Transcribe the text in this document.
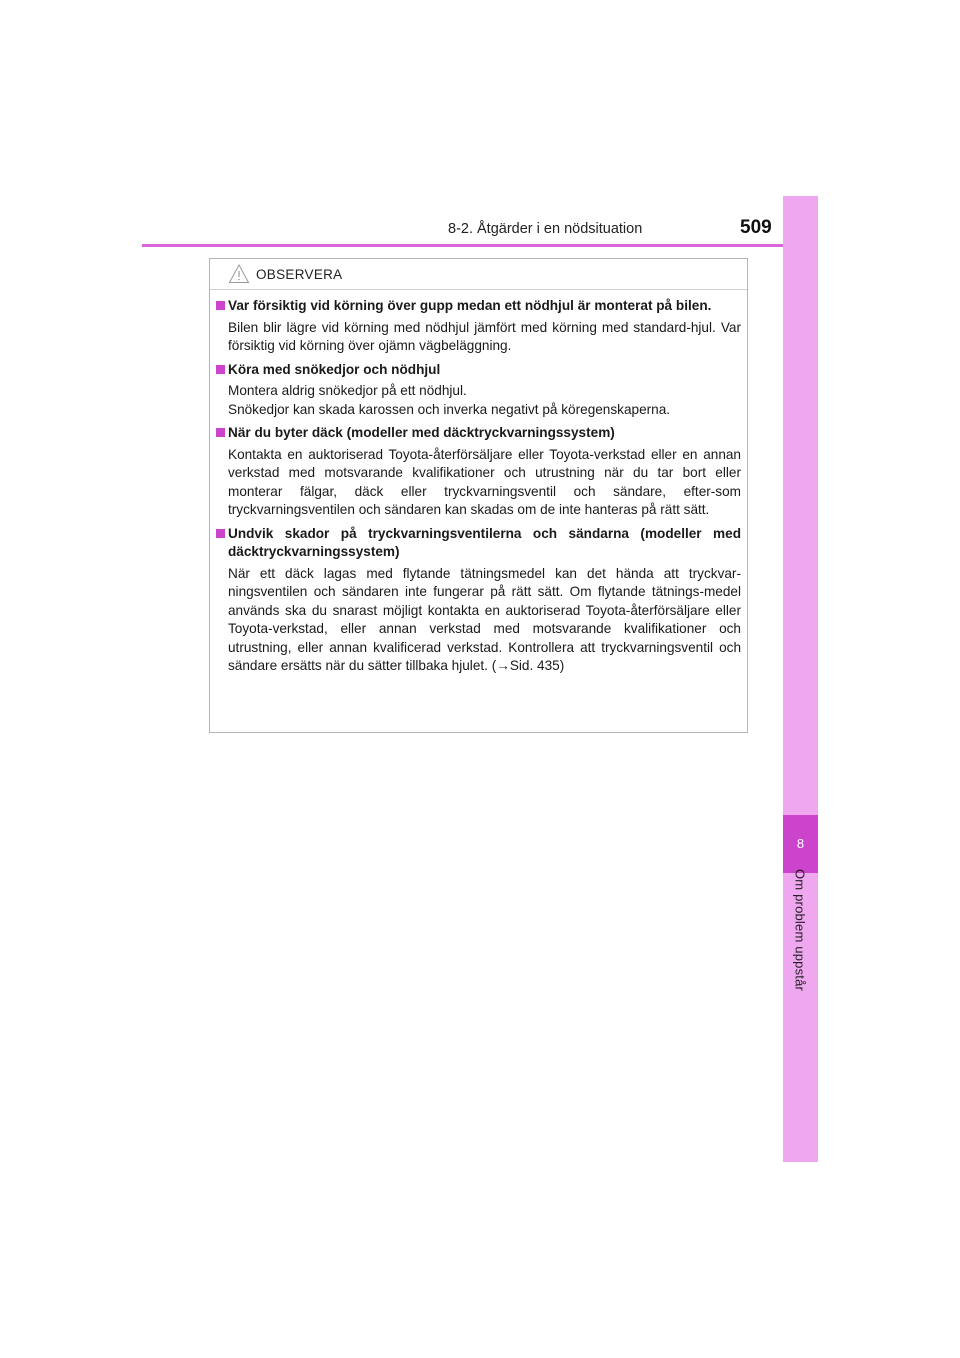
8-2. Åtgärder i en nödsituation	509
8
Om problem uppstår
OBSERVERA
Var försiktig vid körning över gupp medan ett nödhjul är monterat på bilen.

Bilen blir lägre vid körning med nödhjul jämfört med körning med standard-hjul. Var försiktig vid körning över ojämn vägbeläggning.

Köra med snökedjor och nödhjul

Montera aldrig snökedjor på ett nödhjul.

Snökedjor kan skada karossen och inverka negativt på köregenskaperna.

När du byter däck (modeller med däcktryckvarningssystem)

Kontakta en auktoriserad Toyota-återförsäljare eller Toyota-verkstad eller en annan verkstad med motsvarande kvalifikationer och utrustning när du tar bort eller monterar fälgar, däck eller tryckvarningsventil och sändare, efter-som tryckvarningsventilen och sändaren kan skadas om de inte hanteras på rätt sätt.

Undvik skador på tryckvarningsventilerna och sändarna (modeller med däcktryckvarningssystem)

När ett däck lagas med flytande tätningsmedel kan det hända att tryckvar-ningsventilen och sändaren inte fungerar på rätt sätt. Om flytande tätnings-medel används ska du snarast möjligt kontakta en auktoriserad Toyota-återförsäljare eller Toyota-verkstad, eller annan verkstad med motsvarande kvalifikationer och utrustning, eller annan kvalificerad verkstad. Kontrollera att tryckvarningsventil och sändare ersätts när du sätter tillbaka hjulet. (→Sid. 435)
